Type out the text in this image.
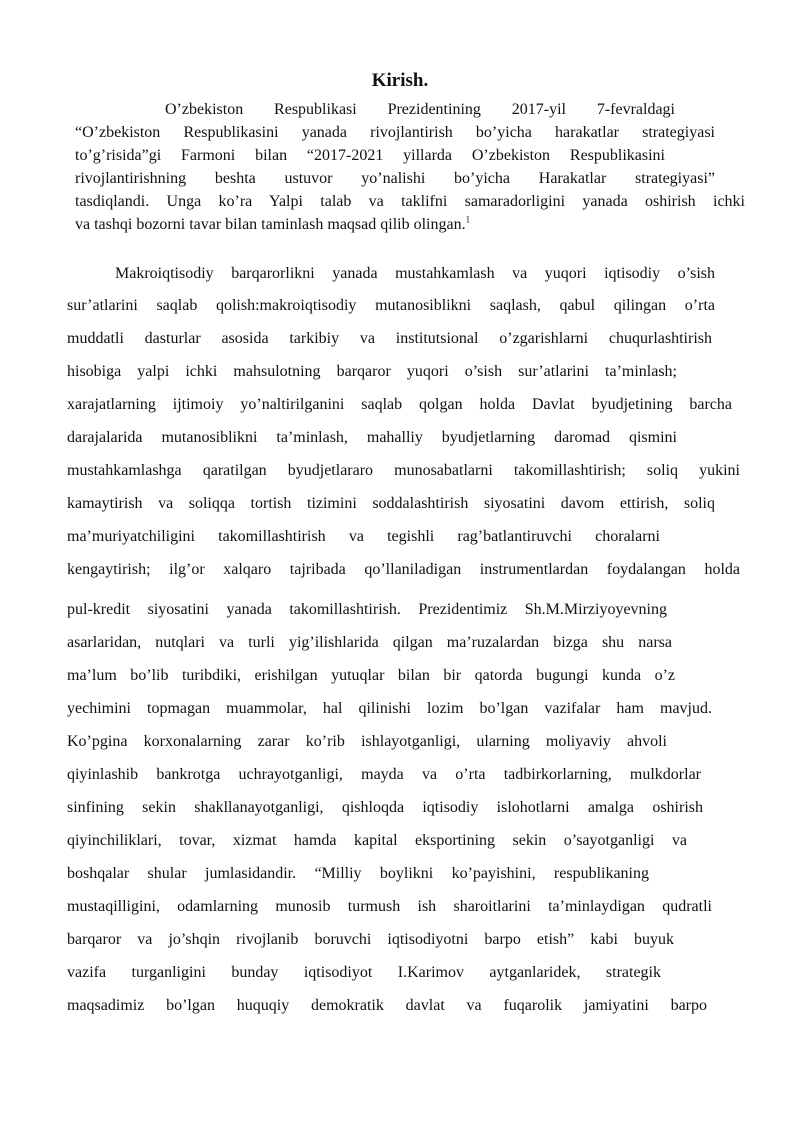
Kirish.
O’zbekiston Respublikasi Prezidentining 2017-yil 7-fevraldagi
“O’zbekiston Respublikasini yanada rivojlantirish bo’yicha harakatlar strategiyasi
to’g’risida”gi Farmoni bilan “2017-2021 yillarda O’zbekiston Respublikasini
rivojlantirishning beshta ustuvor yo’nalishi bo’yicha Harakatlar strategiyasi”
tasdiqlandi. Unga ko’ra Yalpi talab va taklifni samaradorligini yanada oshirish ichki
va tashqi bozorni tavar bilan taminlash maqsad qilib olingan.$^1$
Makroiqtisodiy barqarorlikni yanada mustahkamlash va yuqori iqtisodiy o’sish
sur’atlarini saqlab qolish:makroiqtisodiy mutanosiblikni saqlash, qabul qilingan o’rta
muddatli dasturlar asosida tarkibiy va institutsional o’zgarishlarni chuqurlashtirish
hisobiga yalpi ichki mahsulotning barqaror yuqori o’sish sur’atlarini ta’minlash;
xarajatlarning ijtimoiy yo’naltirilganini saqlab qolgan holda Davlat byudjetining barcha
darajalarida mutanosiblikni ta’minlash, mahalliy byudjetlarning daromad qismini
mustahkamlashga qaratilgan byudjetlararo munosabatlarni takomillashtirish; soliq yukini
kamaytirish va soliqqa tortish tizimini soddalashtirish siyosatini davom ettirish, soliq
ma’muriyatchiligini takomillashtirish va tegishli rag’batlantiruvchi choralarni
kengaytirish; ilg’or xalqaro tajribada qo’llaniladigan instrumentlardan foydalangan holda
pul-kredit siyosatini yanada takomillashtirish. Prezidentimiz Sh.M.Mirziyoyevning
asarlaridan, nutqlari va turli yig’ilishlarida qilgan ma’ruzalardan bizga shu narsa
ma’lum bo’lib turibdiki, erishilgan yutuqlar bilan bir qatorda bugungi kunda o’z
yechimini topmagan muammolar, hal qilinishi lozim bo’lgan vazifalar ham mavjud.
Ko’pgina korxonalarning zarar ko’rib ishlayotganligi, ularning moliyaviy ahvoli
qiyinlashib bankrotga uchrayotganligi, mayda va o’rta tadbirkorlarning, mulkdorlar
sinfining sekin shakllanayotganligi, qishloqda iqtisodiy islohotlarni amalga oshirish
qiyinchiliklari, tovar, xizmat hamda kapital eksportining sekin o’sayotganligi va
boshqalar shular jumlasidandir. “Milliy boylikni ko’payishini, respublikaning
mustaqilligini, odamlarning munosib turmush ish sharoitlarini ta’minlaydigan qudratli
barqaror va jo’shqin rivojlanib boruvchi iqtisodiyotni barpo etish” kabi buyuk
vazifa turganligini bunday iqtisodiyot I.Karimov aytganlaridek, strategik
maqsadimiz bo’lgan huquqiy demokratik davlat va fuqarolik jamiyatini barpo
